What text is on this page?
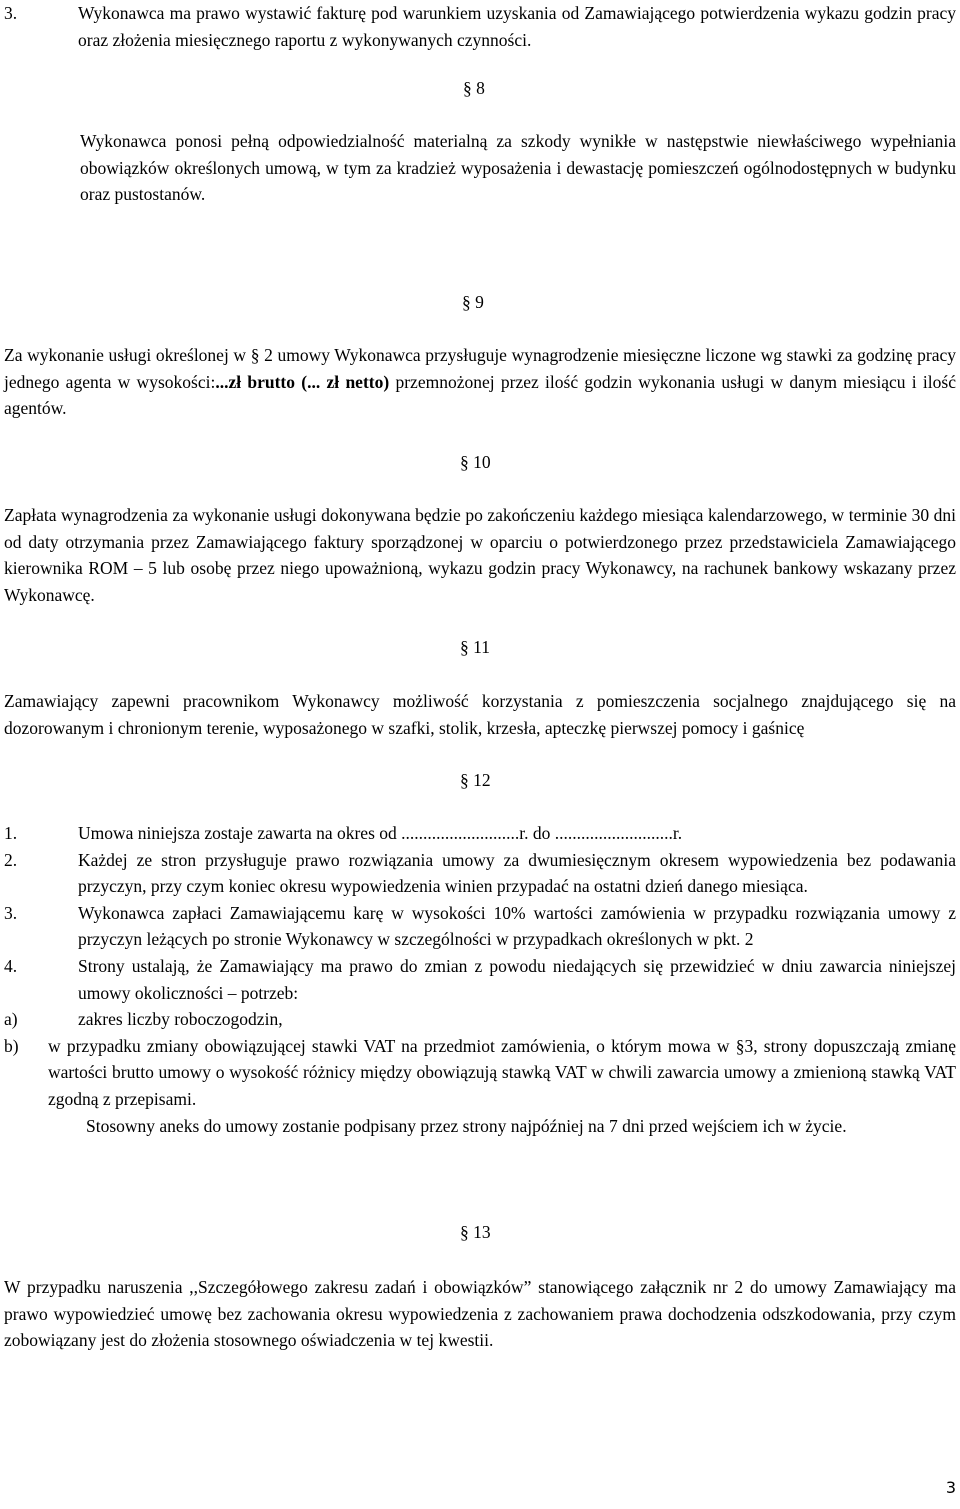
3.	Wykonawca ma prawo wystawić fakturę pod warunkiem uzyskania od Zamawiającego potwierdzenia wykazu godzin pracy oraz złożenia miesięcznego raportu z wykonywanych czynności.
§ 8

Wykonawca ponosi pełną odpowiedzialność materialną za szkody wynikłe w następstwie niewłaściwego wypełniania obowiązków określonych umową, w tym za kradzież wyposażenia i dewastację pomieszczeń ogólnodostępnych w budynku oraz pustostanów.

§ 9

Za wykonanie usługi określonej w § 2 umowy Wykonawca przysługuje wynagrodzenie miesięczne liczone wg stawki za godzinę pracy jednego agenta w wysokości:...zł brutto (... zł netto) przemnożonej przez ilość godzin wykonania usługi w danym miesiącu i ilość agentów.

§ 10

Zapłata wynagrodzenia za wykonanie usługi dokonywana będzie po zakończeniu każdego miesiąca kalendarzowego, w terminie 30 dni od daty otrzymania przez Zamawiającego faktury sporządzonej w oparciu o potwierdzonego przez przedstawiciela Zamawiającego kierownika ROM – 5 lub osobę przez niego upoważnioną, wykazu godzin pracy Wykonawcy, na rachunek bankowy wskazany przez Wykonawcę.

§ 11

Zamawiający zapewni pracownikom Wykonawcy możliwość korzystania z pomieszczenia socjalnego znajdującego się na dozorowanym i chronionym terenie, wyposażonego w szafki, stolik, krzesła, apteczkę pierwszej pomocy i gaśnicę

§ 12
1.	Umowa niniejsza zostaje zawarta na okres od ...........................r. do ...........................r.
2.	Każdej ze stron przysługuje prawo rozwiązania umowy za dwumiesięcznym okresem wypowiedzenia bez podawania przyczyn, przy czym koniec okresu wypowiedzenia winien przypadać na ostatni dzień danego miesiąca.
3.	Wykonawca zapłaci Zamawiającemu karę w wysokości 10% wartości zamówienia w przypadku rozwiązania umowy z przyczyn leżących po stronie Wykonawcy w szczególności w przypadkach określonych w pkt. 2
4.	Strony ustalają, że Zamawiający ma prawo do zmian z powodu niedających się przewidzieć w dniu zawarcia niniejszej umowy okoliczności – potrzeb:
a)	zakres liczby roboczogodzin,
b)	w przypadku zmiany obowiązującej stawki VAT na przedmiot zamówienia, o którym mowa w §3, strony dopuszczają zmianę wartości brutto umowy o wysokość różnicy między obowiązują stawką VAT w chwili zawarcia umowy a zmienioną stawką VAT zgodną z przepisami.

Stosowny aneks do umowy zostanie podpisany przez strony najpóźniej na 7 dni przed wejściem ich w życie.

§ 13

W przypadku naruszenia ,,Szczegółowego zakresu zadań i obowiązków” stanowiącego załącznik nr 2 do umowy Zamawiający ma prawo wypowiedzieć umowę bez zachowania okresu wypowiedzenia z zachowaniem prawa dochodzenia odszkodowania, przy czym zobowiązany jest do złożenia stosownego oświadczenia w tej kwestii.

3
